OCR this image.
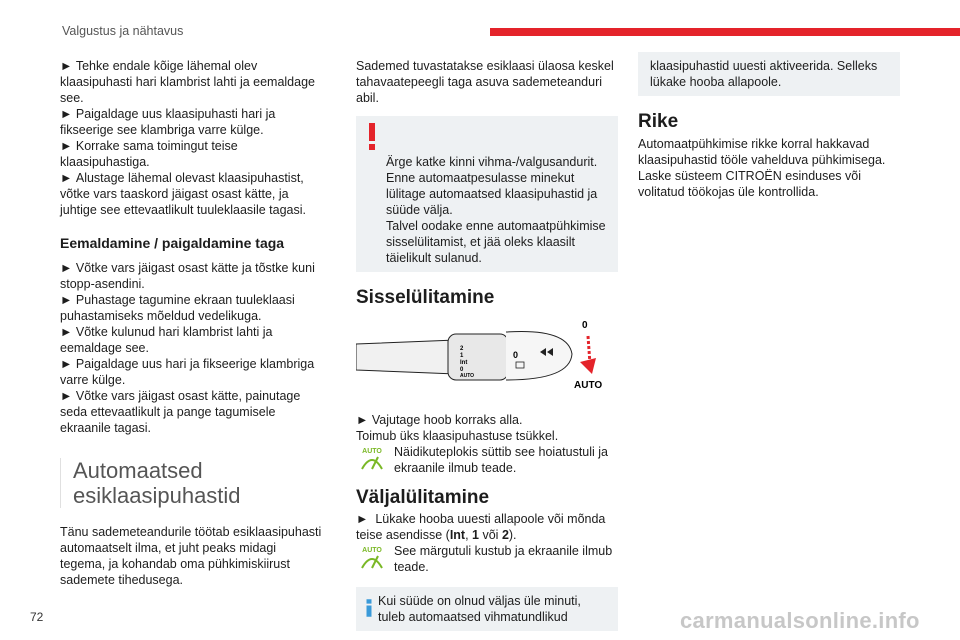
Valgustus ja nähtavus

► Tehke endale kõige lähemal olev klaasipuhasti hari klambrist lahti ja eemaldage see.

► Paigaldage uus klaasipuhasti hari ja fikseerige see klambriga varre külge.

► Korrake sama toimingut teise klaasipuhastiga.

► Alustage lähemal olevast klaasipuhastist, võtke vars taaskord jäigast osast kätte, ja juhtige see ettevaatlikult tuuleklaasile tagasi.

Eemaldamine / paigaldamine taga

► Võtke vars jäigast osast kätte ja tõstke kuni stopp-asendini.

► Puhastage tagumine ekraan tuuleklaasi puhastamiseks mõeldud vedelikuga.

► Võtke kulunud hari klambrist lahti ja eemaldage see.

► Paigaldage uus hari ja fikseerige klambriga varre külge.

► Võtke vars jäigast osast kätte, painutage seda ettevaatlikult ja pange tagumisele ekraanile tagasi.

Automaatsed
esiklaasipuhastid

Tänu sademeteandurile töötab esiklaasipuhasti automaatselt ilma, et juht peaks midagi tegema, ja kohandab oma pühkimiskiirust sademete tihedusega.

Sademed tuvastatakse esiklaasi ülaosa keskel tahavaatepeegli taga asuva sademeteanduri abil.

Ärge katke kinni vihma-/valgusandurit.
Enne automaatpesulasse minekut lülitage automaatsed klaasipuhastid ja süüde välja.
Talvel oodake enne automaatpühkimise sisselülitamist, et jää oleks klaasilt täielikult sulanud.

Sisselülitamine
2
1
Int
0
AUTO
0
0
AUTO

► Vajutage hoob korraks alla.

Toimub üks klaasipuhastuse tsükkel.

AUTO Näidikuteplokis süttib see hoiatustuli ja ekraanile ilmub teade.

Väljalülitamine

► Lükake hooba uuesti allapoole või mõnda teise asendisse (Int, 1 või 2).

AUTO See märgutuli kustub ja ekraanile ilmub teade.

Kui süüde on olnud väljas üle minuti, tuleb automaatsed vihmatundlikud
klaasipuhastid uuesti aktiveerida. Selleks lükake hooba allapoole.
Rike

Automaatpühkimise rikke korral hakkavad klaasipuhastid tööle vahelduva pühkimisega. Laske süsteem CITROËN esinduses või volitatud töökojas üle kontrollida.

72	carmanualsonline.info
